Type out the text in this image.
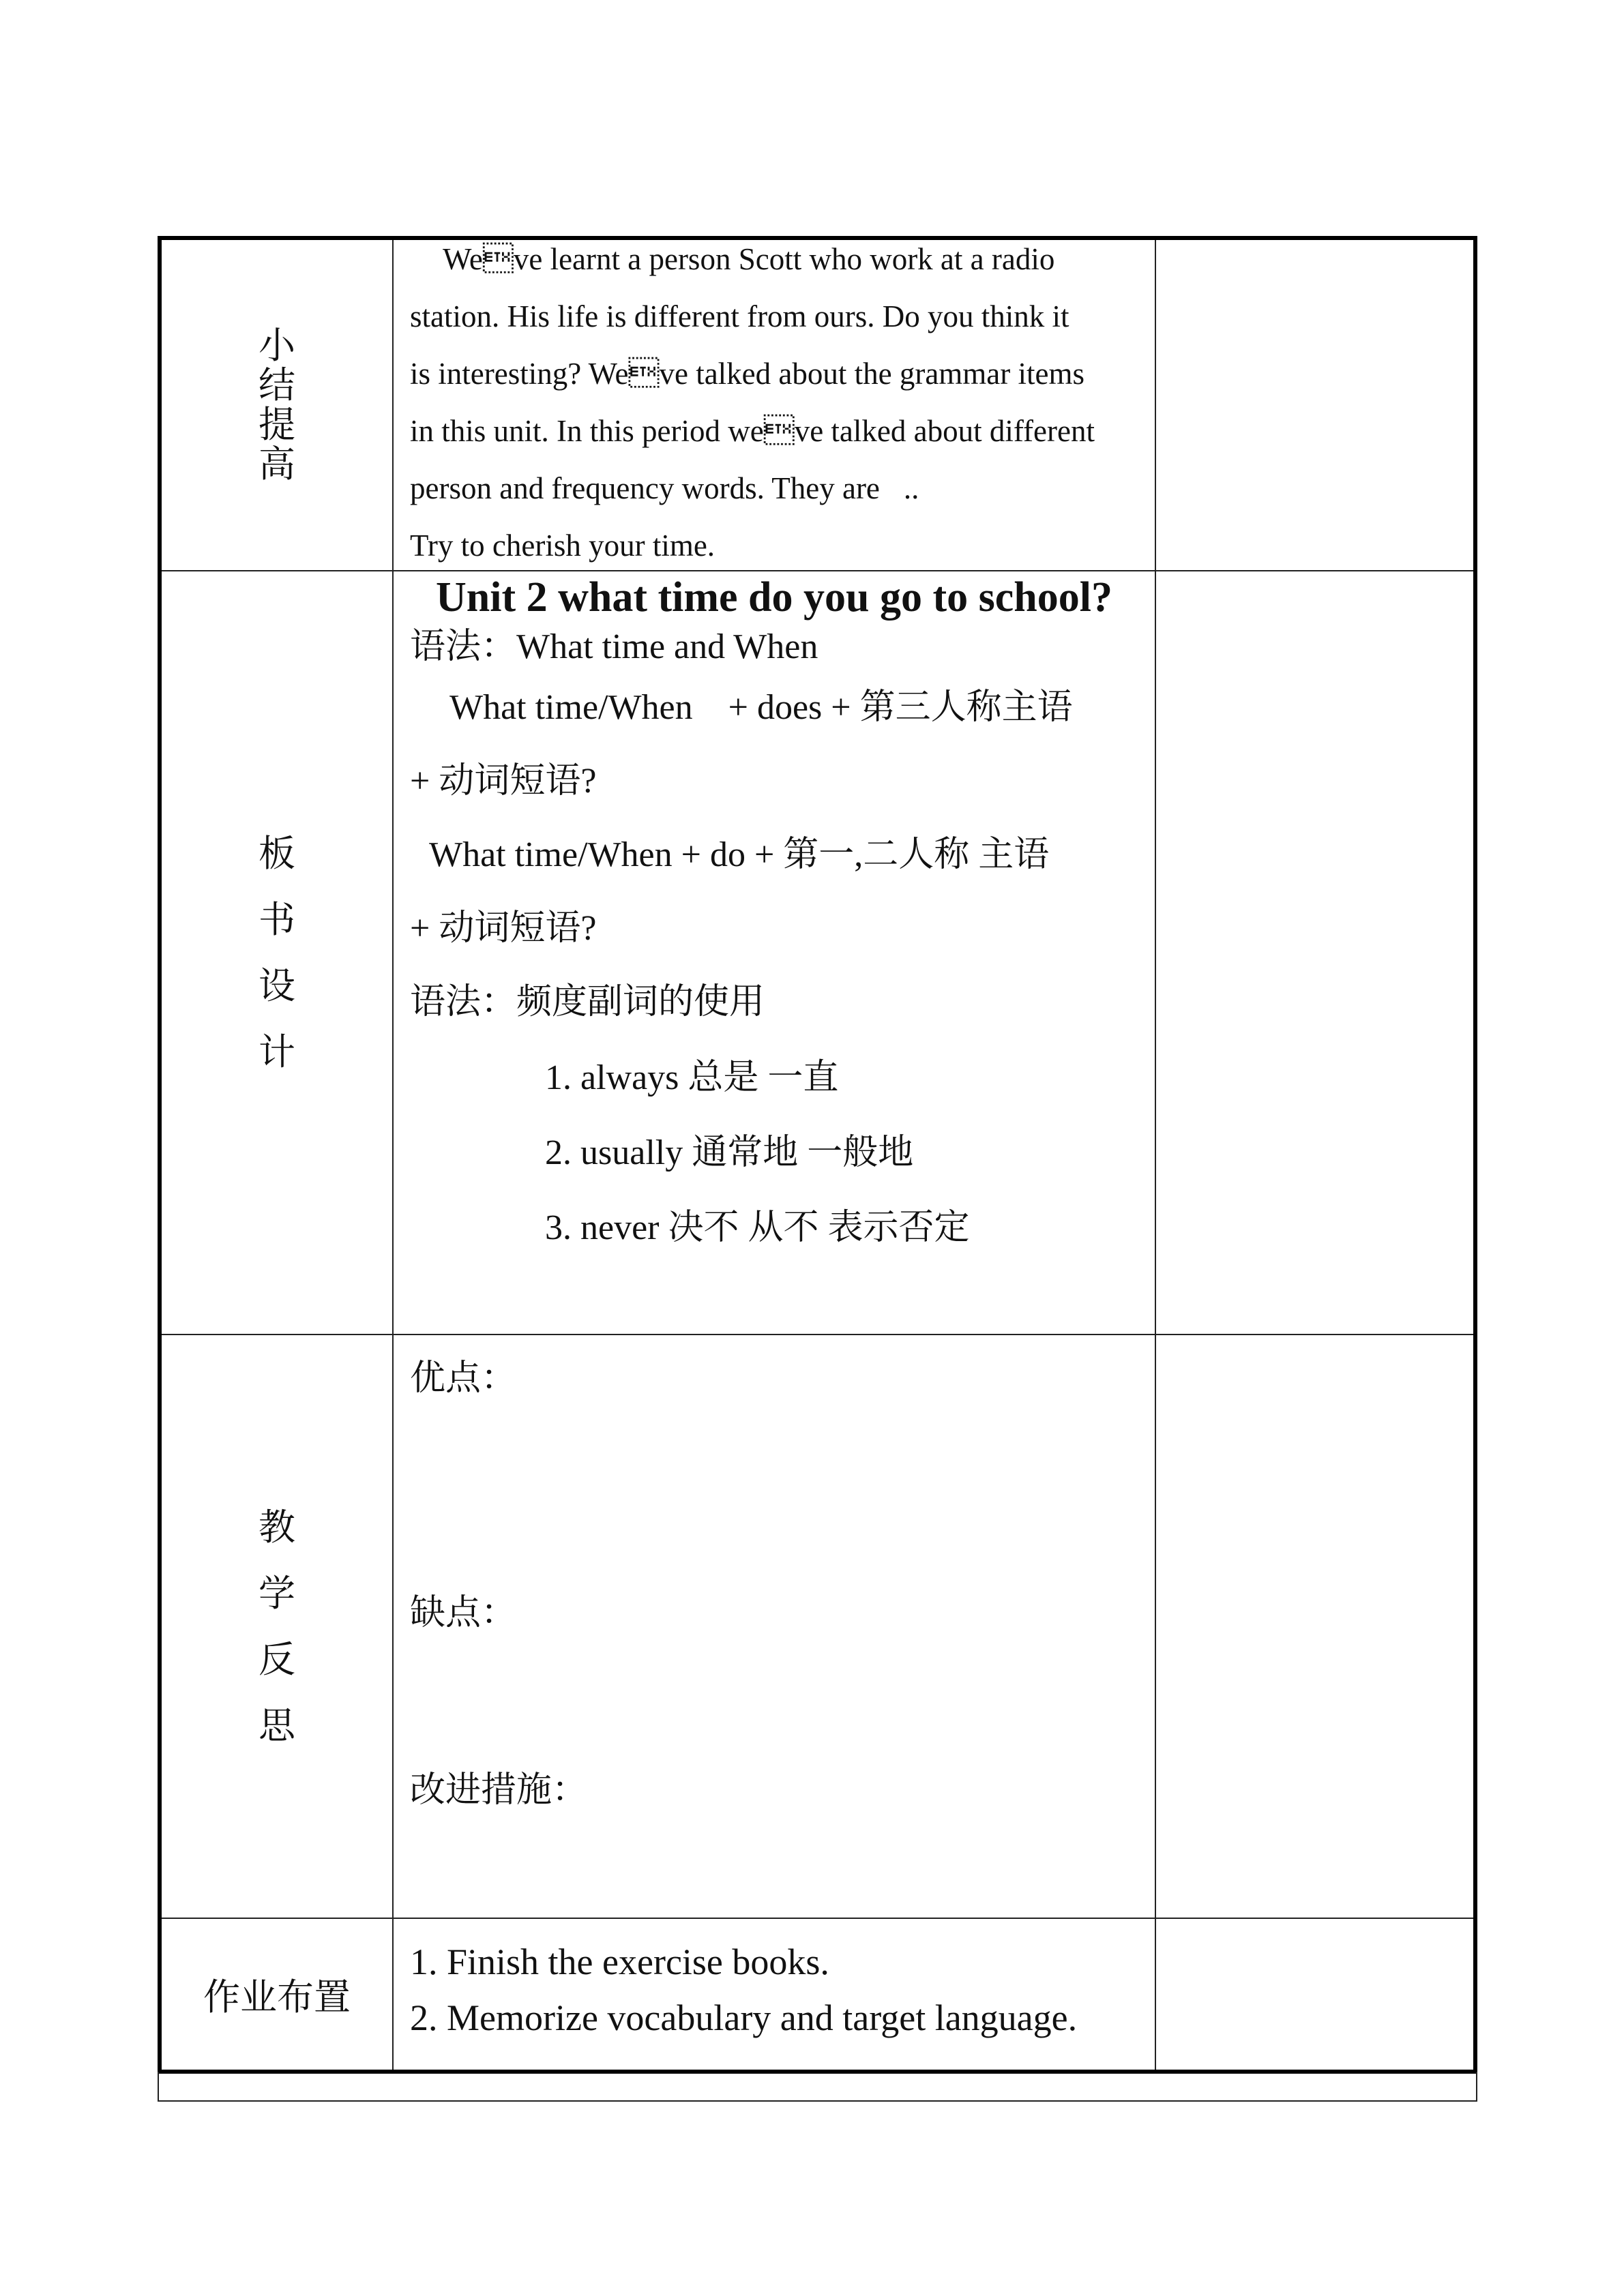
小
结
提
高

Weve learnt a person Scott who work at a radio

station. His life is different from ours. Do you think it

is interesting? Weve talked about the grammar items

in this unit. In this period weve talked about different

person and frequency words. They are ..

Try to cherish your time.

板
书
设
计

Unit 2 what time do you go to school?

语法：What time and When

What time/When　+ does + 第三人称主语

+ 动词短语?

What time/When + do + 第一,二人称 主语

+ 动词短语?

语法：频度副词的使用

1. always 总是 一直

2. usually 通常地 一般地

3. never 决不 从不 表示否定

教
学
反
思

优点：

缺点：

改进措施：

作业布置

1. Finish the exercise books.

2. Memorize vocabulary and target language.
